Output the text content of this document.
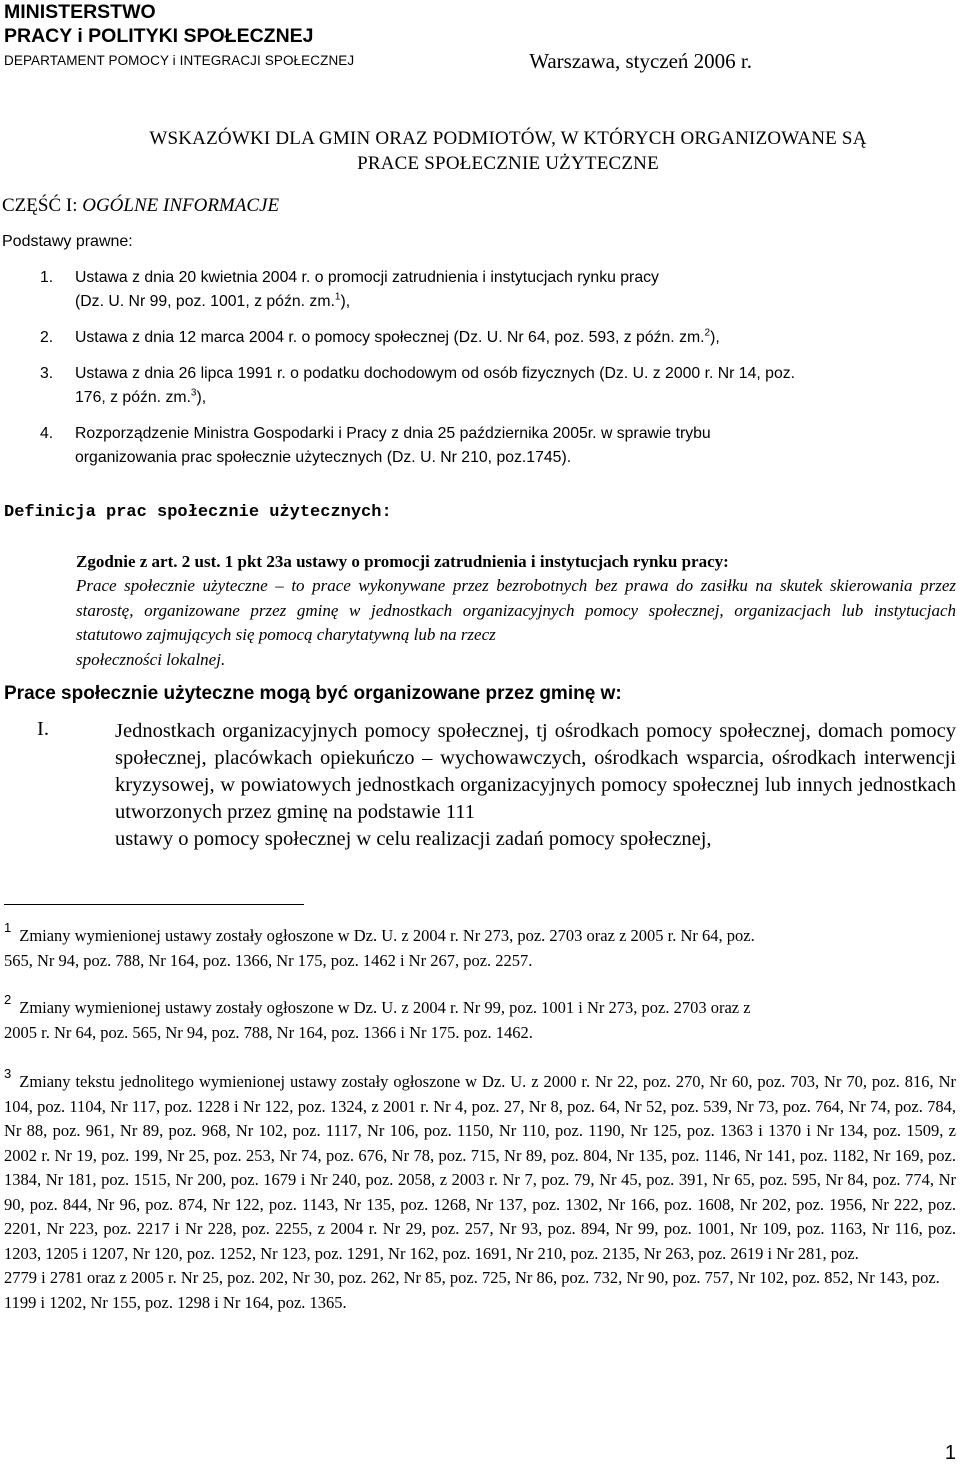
MINISTERSTWO
PRACY i POLITYKI SPOŁECZNEJ
DEPARTAMENT POMOCY i INTEGRACJI SPOŁECZNEJ	Warszawa, styczeń 2006 r.
WSKAZÓWKI DLA GMIN ORAZ PODMIOTÓW, W KTÓRYCH ORGANIZOWANE SĄ
PRACE SPOŁECZNIE UŻYTECZNE
CZĘŚĆ I: OGÓLNE INFORMACJE
Podstawy prawne:
1. Ustawa z dnia 20 kwietnia 2004 r. o promocji zatrudnienia i instytucjach rynku pracy
(Dz. U. Nr 99, poz. 1001, z późn. zm.$^1$),
2. Ustawa z dnia 12 marca 2004 r. o pomocy społecznej (Dz. U. Nr 64, poz. 593, z późn. zm.$^2$),
3. Ustawa z dnia 26 lipca 1991 r. o podatku dochodowym od osób fizycznych (Dz. U. z 2000 r. Nr 14, poz.
176, z późn. zm.$^3$),
4. Rozporządzenie Ministra Gospodarki i Pracy z dnia 25 października 2005r. w sprawie trybu
organizowania prac społecznie użytecznych (Dz. U. Nr 210, poz.1745).
Definicja prac społecznie użytecznych:
Zgodnie z art. 2 ust. 1 pkt 23a ustawy o promocji zatrudnienia i instytucjach rynku pracy:
Prace społecznie użyteczne – to prace wykonywane przez bezrobotnych bez prawa do zasiłku na skutek skierowania przez starostę, organizowane przez gminę w jednostkach organizacyjnych pomocy społecznej, organizacjach lub instytucjach statutowo zajmujących się pomocą charytatywną lub na rzecz
społeczności lokalnej.
Prace społecznie użyteczne mogą być organizowane przez gminę w:
I.	Jednostkach organizacyjnych pomocy społecznej, tj ośrodkach pomocy społecznej, domach pomocy społecznej, placówkach opiekuńczo – wychowawczych, ośrodkach wsparcia, ośrodkach interwencji kryzysowej, w powiatowych jednostkach organizacyjnych pomocy społecznej lub innych jednostkach utworzonych przez gminę na podstawie 111
ustawy o pomocy społecznej w celu realizacji zadań pomocy społecznej,
$^1$ Zmiany wymienionej ustawy zostały ogłoszone w Dz. U. z 2004 r. Nr 273, poz. 2703 oraz z 2005 r. Nr 64, poz.
565, Nr 94, poz. 788, Nr 164, poz. 1366, Nr 175, poz. 1462 i Nr 267, poz. 2257.
$^2$ Zmiany wymienionej ustawy zostały ogłoszone w Dz. U. z 2004 r. Nr 99, poz. 1001 i Nr 273, poz. 2703 oraz z
2005 r. Nr 64, poz. 565, Nr 94, poz. 788, Nr 164, poz. 1366 i Nr 175. poz. 1462.
$^3$ Zmiany tekstu jednolitego wymienionej ustawy zostały ogłoszone w Dz. U. z 2000 r. Nr 22, poz. 270, Nr 60, poz. 703, Nr 70, poz. 816, Nr 104, poz. 1104, Nr 117, poz. 1228 i Nr 122, poz. 1324, z 2001 r. Nr 4, poz. 27, Nr 8, poz. 64, Nr 52, poz. 539, Nr 73, poz. 764, Nr 74, poz. 784, Nr 88, poz. 961, Nr 89, poz. 968, Nr 102, poz. 1117, Nr 106, poz. 1150, Nr 110, poz. 1190, Nr 125, poz. 1363 i 1370 i Nr 134, poz. 1509, z 2002 r. Nr 19, poz. 199, Nr 25, poz. 253, Nr 74, poz. 676, Nr 78, poz. 715, Nr 89, poz. 804, Nr 135, poz. 1146, Nr 141, poz. 1182, Nr 169, poz. 1384, Nr 181, poz. 1515, Nr 200, poz. 1679 i Nr 240, poz. 2058, z 2003 r. Nr 7, poz. 79, Nr 45, poz. 391, Nr 65, poz. 595, Nr 84, poz. 774, Nr 90, poz. 844, Nr 96, poz. 874, Nr 122, poz. 1143, Nr 135, poz. 1268, Nr 137, poz. 1302, Nr 166, poz. 1608, Nr 202, poz. 1956, Nr 222, poz. 2201, Nr 223, poz. 2217 i Nr 228, poz. 2255, z 2004 r. Nr 29, poz. 257, Nr 93, poz. 894, Nr 99, poz. 1001, Nr 109, poz. 1163, Nr 116, poz. 1203, 1205 i 1207, Nr 120, poz. 1252, Nr 123, poz. 1291, Nr 162, poz. 1691, Nr 210, poz. 2135, Nr 263, poz. 2619 i Nr 281, poz.
2779 i 2781 oraz z 2005 r. Nr 25, poz. 202, Nr 30, poz. 262, Nr 85, poz. 725, Nr 86, poz. 732, Nr 90, poz. 757, Nr 102, poz. 852, Nr 143, poz. 1199 i 1202, Nr 155, poz. 1298 i Nr 164, poz. 1365.
1
